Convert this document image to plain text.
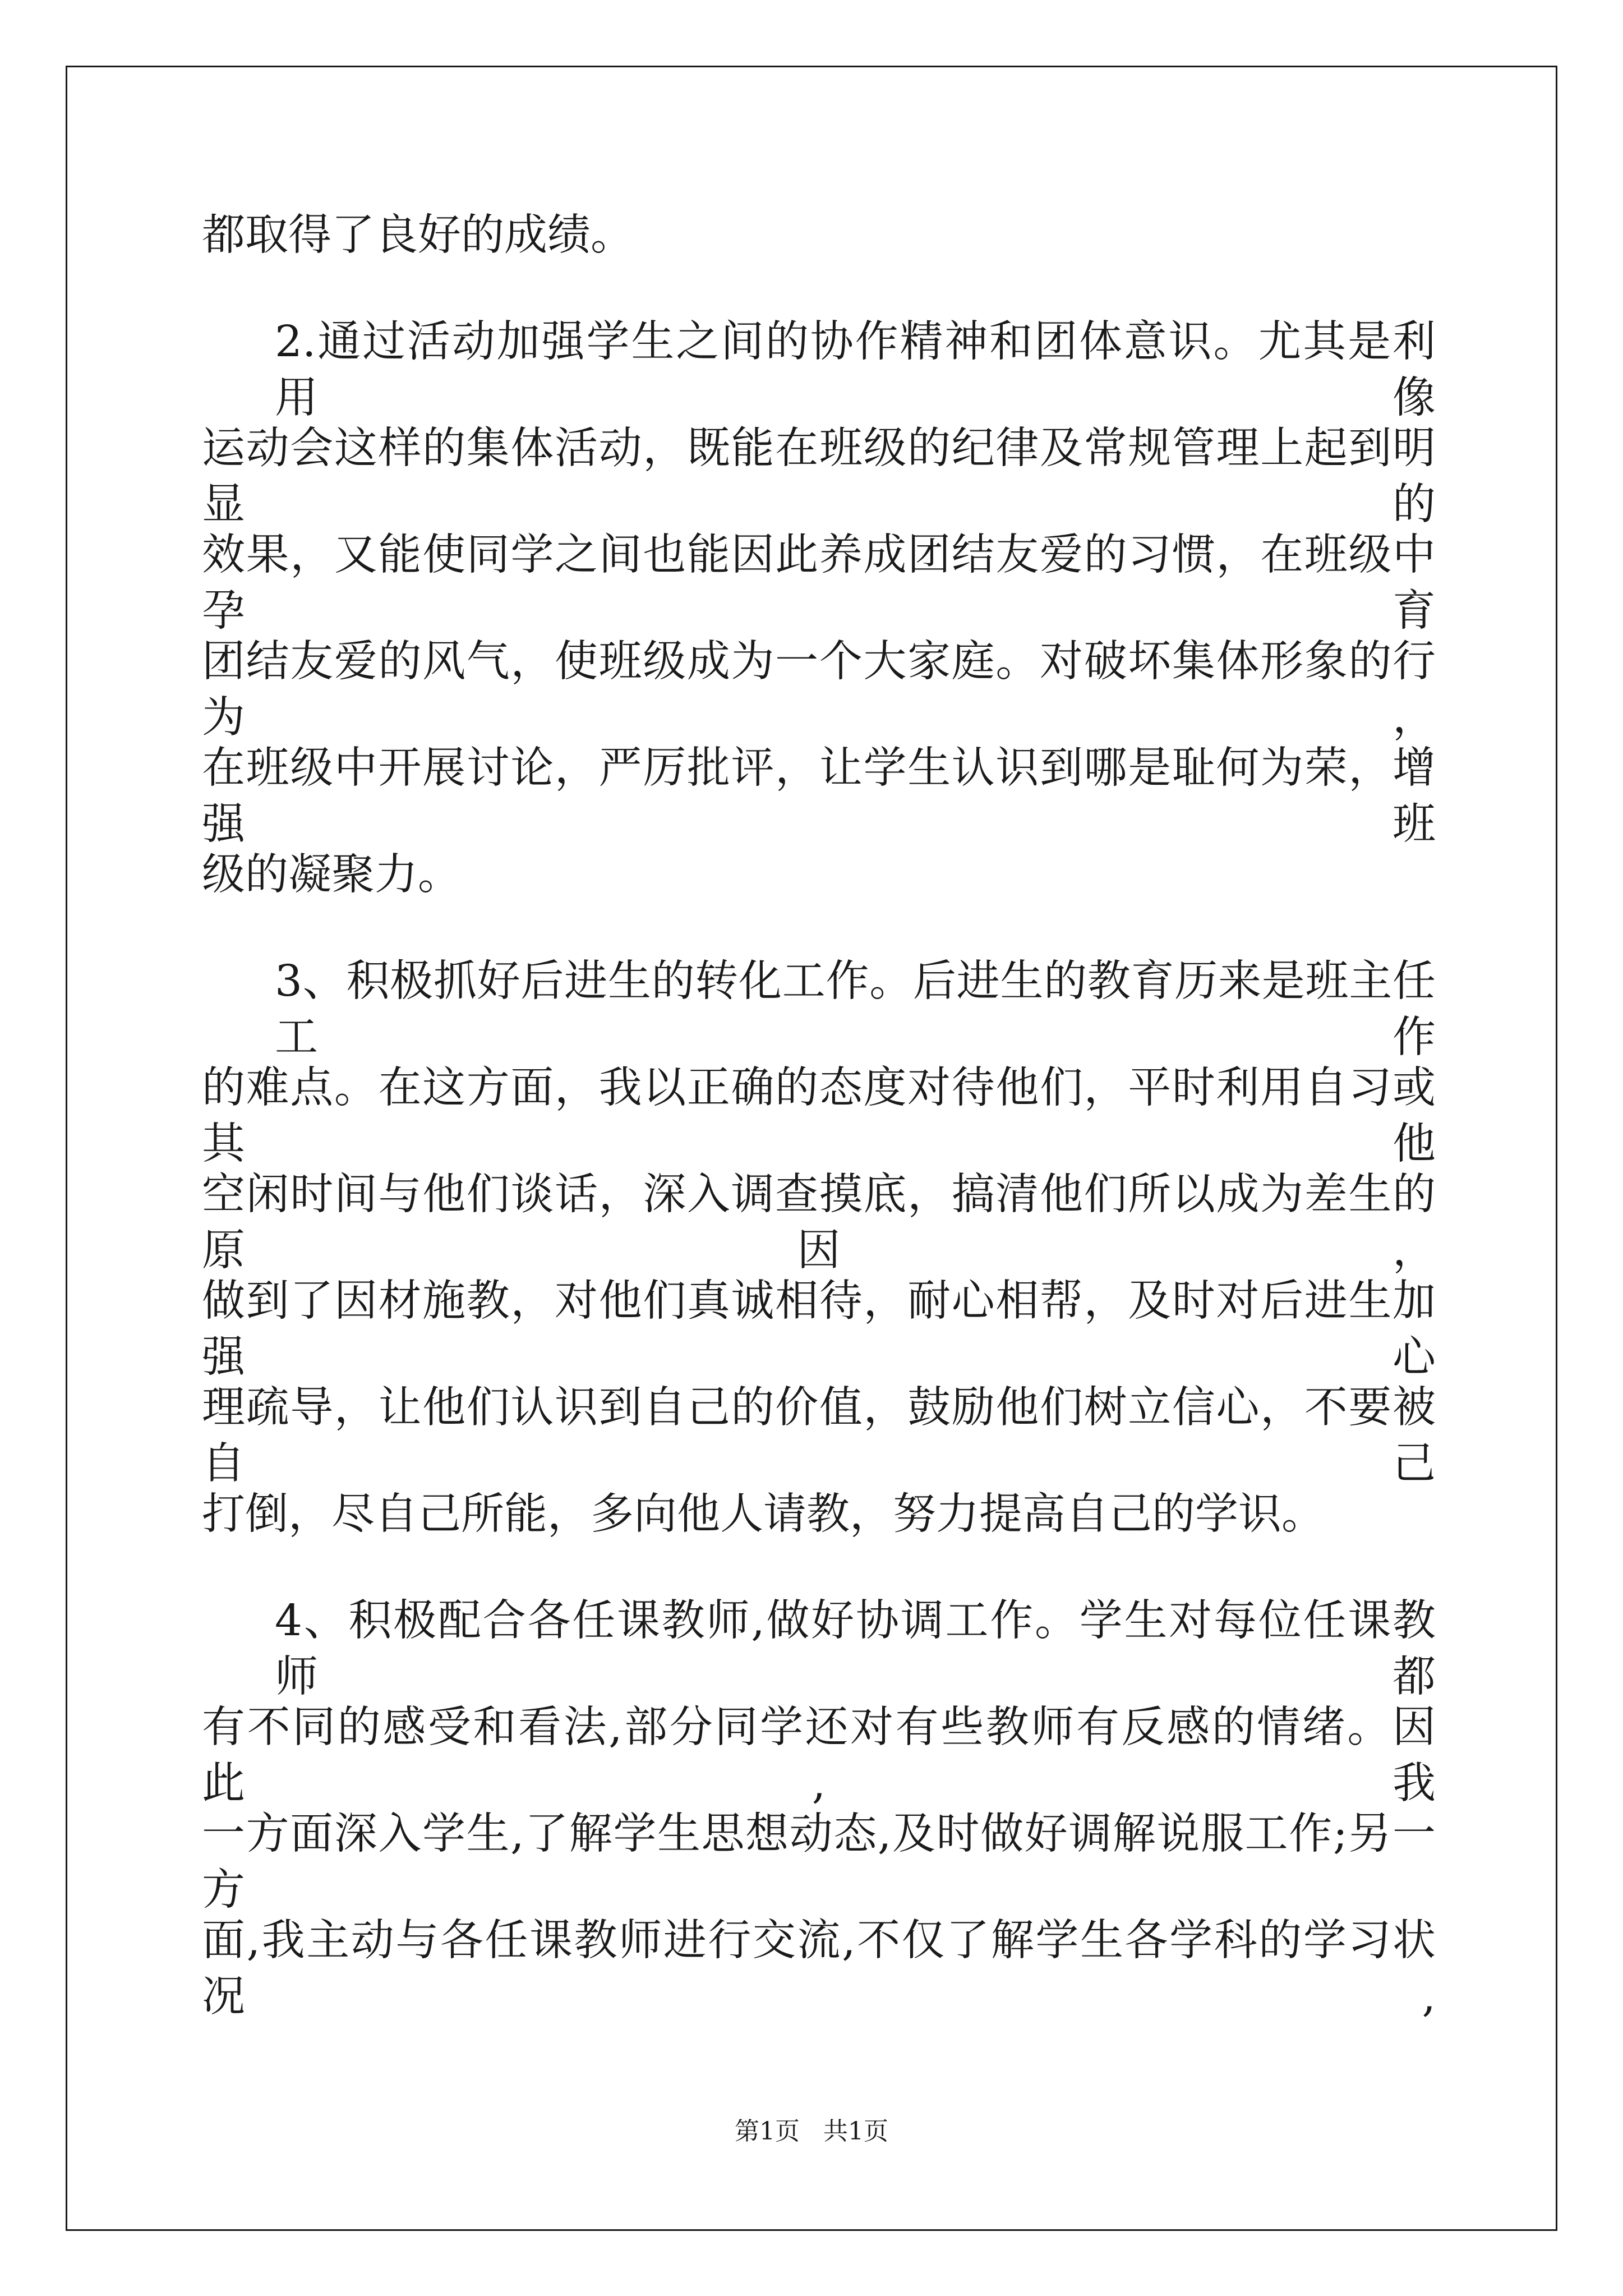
都取得了良好的成绩。

2.通过活动加强学生之间的协作精神和团体意识。尤其是利用像

运动会这样的集体活动，既能在班级的纪律及常规管理上起到明显的

效果，又能使同学之间也能因此养成团结友爱的习惯，在班级中孕育

团结友爱的风气，使班级成为一个大家庭。对破坏集体形象的行为，

在班级中开展讨论，严厉批评，让学生认识到哪是耻何为荣，增强班

级的凝聚力。

3、积极抓好后进生的转化工作。后进生的教育历来是班主任工作

的难点。在这方面，我以正确的态度对待他们，平时利用自习或其他

空闲时间与他们谈话，深入调查摸底，搞清他们所以成为差生的原因，

做到了因材施教，对他们真诚相待，耐心相帮，及时对后进生加强心

理疏导，让他们认识到自己的价值，鼓励他们树立信心，不要被自己

打倒，尽自己所能，多向他人请教，努力提高自己的学识。

4、积极配合各任课教师,做好协调工作。学生对每位任课教师都

有不同的感受和看法,部分同学还对有些教师有反感的情绪。因此,我

一方面深入学生,了解学生思想动态,及时做好调解说服工作;另一方

面,我主动与各任课教师进行交流,不仅了解学生各学科的学习状况,

第1页   共1页
